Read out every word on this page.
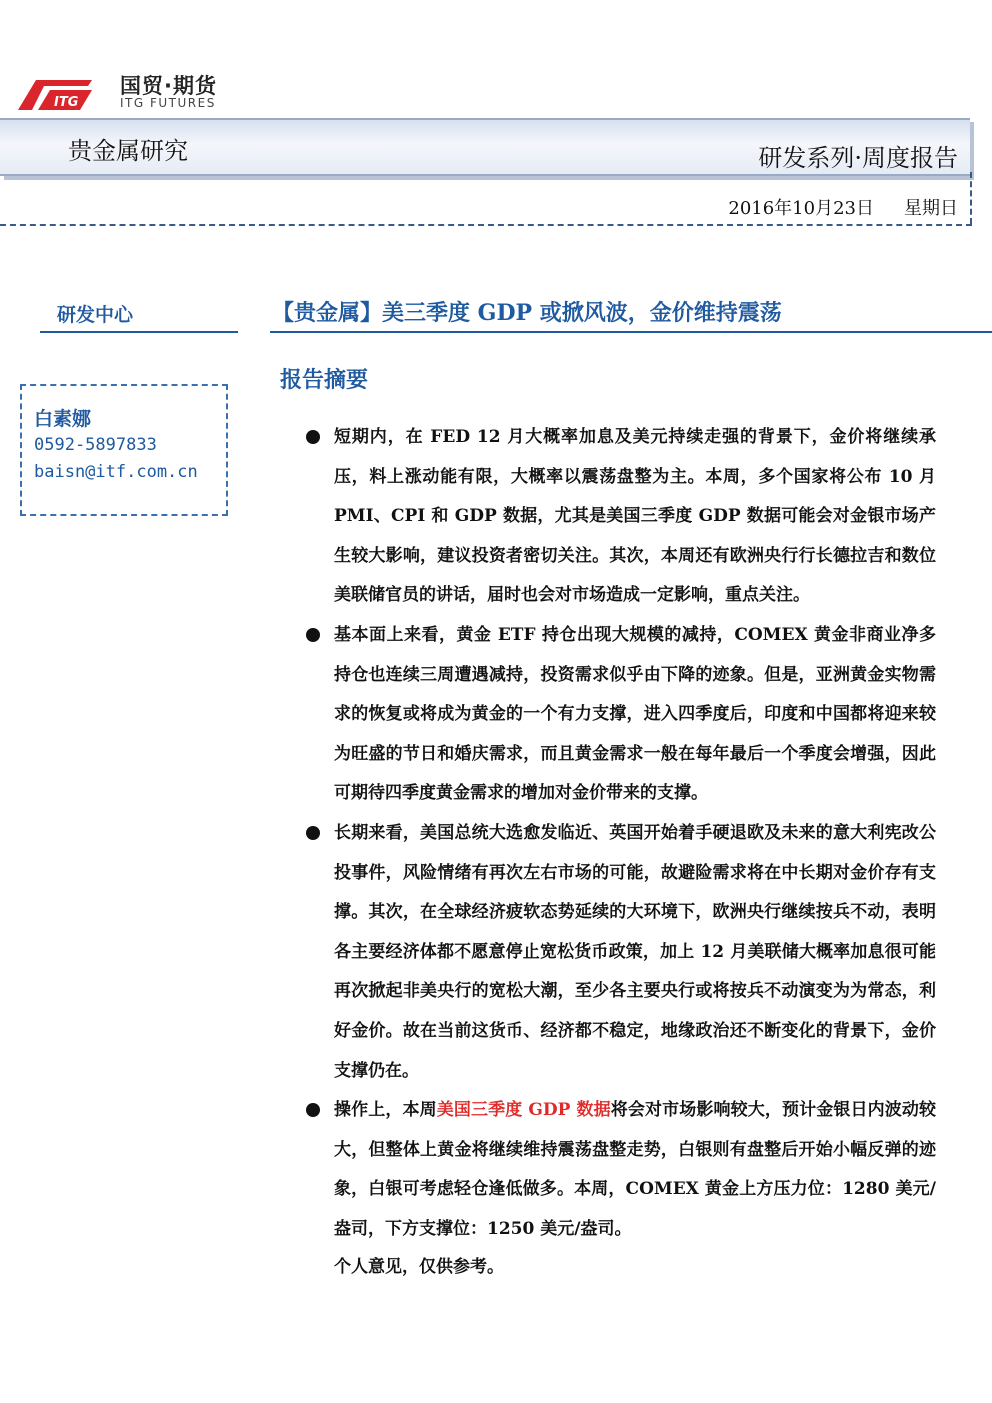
ITG
国贸·期货
ITG FUTURES
贵金属研究	研发系列·周度报告
2016年10月23日 星期日
研发中心	【贵金属】美三季度 GDP 或掀风波，金价维持震荡
报告摘要
白素娜
0592-5897833
baisn@itf.com.cn
短期内，在 FED 12 月大概率加息及美元持续走强的背景下，金价将继续承压，料上涨动能有限，大概率以震荡盘整为主。本周，多个国家将公布 10 月 PMI、CPI 和 GDP 数据，尤其是美国三季度 GDP 数据可能会对金银市场产生较大影响，建议投资者密切关注。其次，本周还有欧洲央行行长德拉吉和数位美联储官员的讲话，届时也会对市场造成一定影响，重点关注。
基本面上来看，黄金 ETF 持仓出现大规模的减持，COMEX 黄金非商业净多持仓也连续三周遭遇减持，投资需求似乎由下降的迹象。但是，亚洲黄金实物需求的恢复或将成为黄金的一个有力支撑，进入四季度后，印度和中国都将迎来较为旺盛的节日和婚庆需求，而且黄金需求一般在每年最后一个季度会增强，因此可期待四季度黄金需求的增加对金价带来的支撑。
长期来看，美国总统大选愈发临近、英国开始着手硬退欧及未来的意大利宪改公投事件，风险情绪有再次左右市场的可能，故避险需求将在中长期对金价存有支撑。其次，在全球经济疲软态势延续的大环境下，欧洲央行继续按兵不动，表明各主要经济体都不愿意停止宽松货币政策，加上 12 月美联储大概率加息很可能再次掀起非美央行的宽松大潮，至少各主要央行或将按兵不动演变为为常态，利好金价。故在当前这货币、经济都不稳定，地缘政治还不断变化的背景下，金价支撑仍在。
操作上，本周美国三季度 GDP 数据将会对市场影响较大，预计金银日内波动较大，但整体上黄金将继续维持震荡盘整走势，白银则有盘整后开始小幅反弹的迹象，白银可考虑轻仓逢低做多。本周，COMEX 黄金上方压力位：1280 美元/盎司，下方支撑位：1250 美元/盎司。
个人意见，仅供参考。
